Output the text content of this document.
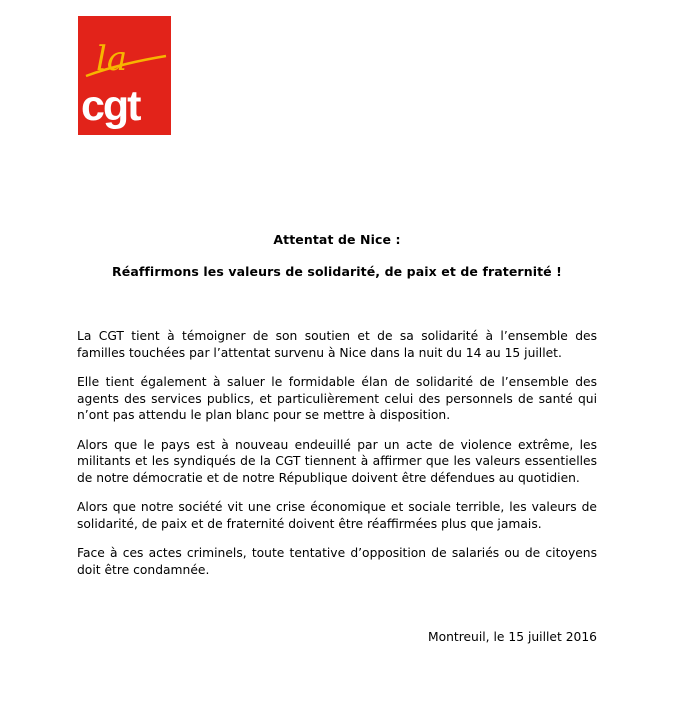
la
cgt
Attentat de Nice :
Réaffirmons les valeurs de solidarité, de paix et de fraternité !

La CGT tient à témoigner de son soutien et de sa solidarité à l’ensemble des familles touchées par l’attentat survenu à Nice dans la nuit du 14 au 15 juillet.

Elle tient également à saluer le formidable élan de solidarité de l’ensemble des agents des services publics, et particulièrement celui des personnels de santé qui n’ont pas attendu le plan blanc pour se mettre à disposition.

Alors que le pays est à nouveau endeuillé par un acte de violence extrême, les militants et les syndiqués de la CGT tiennent à affirmer que les valeurs essentielles de notre démocratie et de notre République doivent être défendues au quotidien.

Alors que notre société vit une crise économique et sociale terrible, les valeurs de solidarité, de paix et de fraternité doivent être réaffirmées plus que jamais.

Face à ces actes criminels, toute tentative d’opposition de salariés ou de citoyens doit être condamnée.

Montreuil, le 15 juillet 2016
